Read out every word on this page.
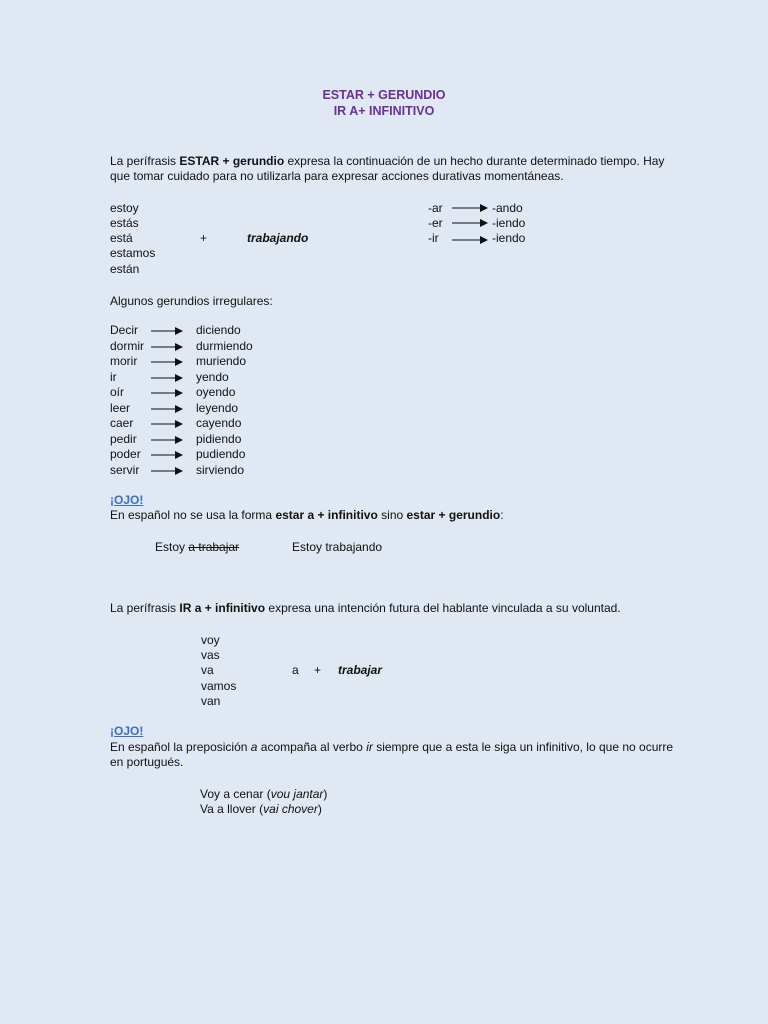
ESTAR + GERUNDIO
IR A+ INFINITIVO
La perífrasis ESTAR + gerundio expresa la continuación de un hecho durante determinado tiempo. Hay
que tomar cuidado para no utilizarla para expresar acciones durativas momentáneas.
estoy
estás
está
estamos
están
+	trabajando
-ar	-ando
-er	-iendo
-ir	-iendo
Algunos gerundios irregulares:
Decir	diciendo
dormir	durmiendo
morir	muriendo
ir	yendo
oír	oyendo
leer	leyendo
caer	cayendo
pedir	pidiendo
poder	pudiendo
servir	sirviendo
¡OJO!
En español no se usa la forma estar a + infinitivo sino estar + gerundio:
Estoy a trabajar	Estoy trabajando
La perífrasis IR a + infinitivo expresa una intención futura del hablante vinculada a su voluntad.
voy
vas
va
vamos
van
a + trabajar
¡OJO!
En español la preposición a acompaña al verbo ir siempre que a esta le siga un infinitivo, lo que no ocurre
en portugués.
Voy a cenar (vou jantar)
Va a llover (vai chover)
